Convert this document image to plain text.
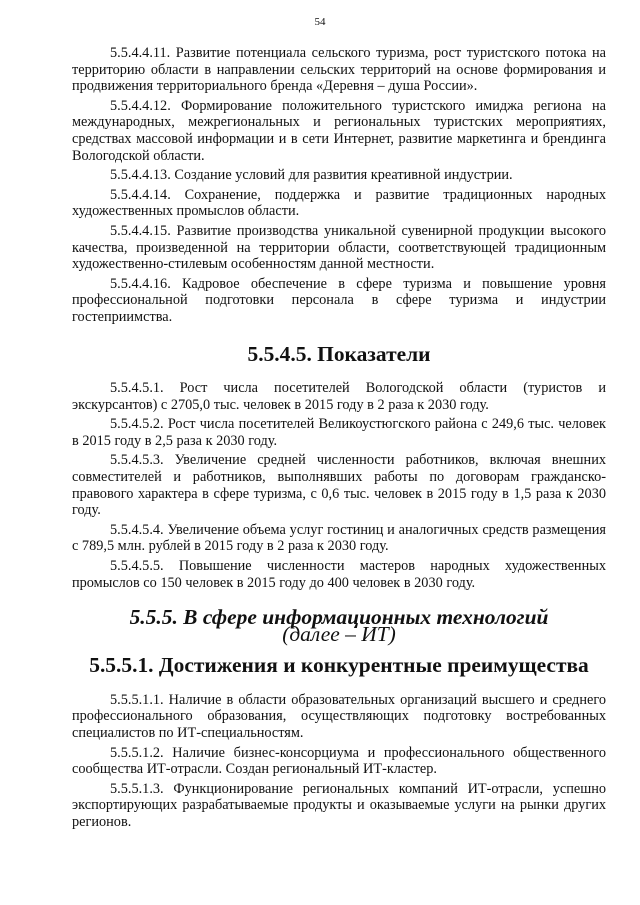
54

5.5.4.4.11. Развитие потенциала сельского туризма, рост туристского потока на территорию области в направлении сельских территорий на основе формирования и продвижения территориального бренда «Деревня – душа России».

5.5.4.4.12. Формирование положительного туристского имиджа региона на международных, межрегиональных и региональных туристских мероприятиях, средствах массовой информации и в сети Интернет, развитие маркетинга и брендинга Вологодской области.

5.5.4.4.13. Создание условий для развития креативной индустрии.

5.5.4.4.14. Сохранение, поддержка и развитие традиционных народных художественных промыслов области.

5.5.4.4.15. Развитие производства уникальной сувенирной продукции высокого качества, произведенной на территории области, соответствующей традиционным художественно-стилевым особенностям данной местности.

5.5.4.4.16. Кадровое обеспечение в сфере туризма и повышение уровня профессиональной подготовки персонала в сфере туризма и индустрии гостеприимства.

5.5.4.5. Показатели

5.5.4.5.1. Рост числа посетителей Вологодской области (туристов и экскурсантов) с 2705,0 тыс. человек в 2015 году в 2 раза к 2030 году.

5.5.4.5.2. Рост числа посетителей Великоустюгского района с 249,6 тыс. человек в 2015 году в 2,5 раза к 2030 году.

5.5.4.5.3. Увеличение средней численности работников, включая внешних совместителей и работников, выполнявших работы по договорам гражданско-правового характера в сфере туризма, с 0,6 тыс. человек в 2015 году в 1,5 раза к 2030 году.

5.5.4.5.4. Увеличение объема услуг гостиниц и аналогичных средств размещения с 789,5 млн. рублей в 2015 году в 2 раза к 2030 году.

5.5.4.5.5. Повышение численности мастеров народных художественных промыслов со 150 человек в 2015 году до 400 человек в 2030 году.

5.5.5. В сфере информационных технологий
(далее – ИТ)
5.5.5.1. Достижения и конкурентные преимущества

5.5.5.1.1. Наличие в области образовательных организаций высшего и среднего профессионального образования, осуществляющих подготовку востребованных специалистов по ИТ-специальностям.

5.5.5.1.2. Наличие бизнес-консорциума и профессионального общественного сообщества ИТ-отрасли. Создан региональный ИТ-кластер.

5.5.5.1.3. Функционирование региональных компаний ИТ-отрасли, успешно экспортирующих разрабатываемые продукты и оказываемые услуги на рынки других регионов.
